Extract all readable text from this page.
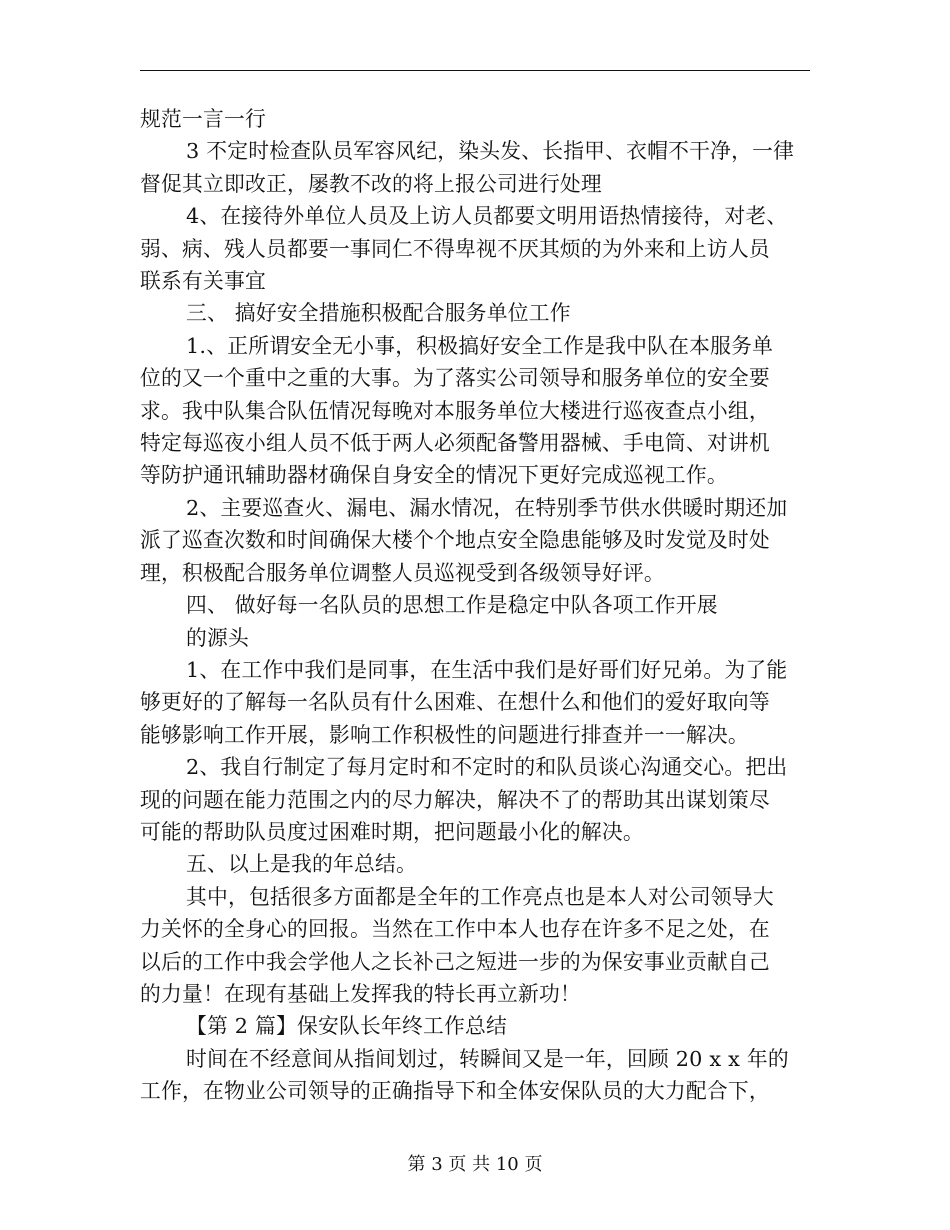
规范一言一行

3 不定时检查队员军容风纪，染头发、长指甲、衣帽不干净，一律

督促其立即改正，屡教不改的将上报公司进行处理

4、在接待外单位人员及上访人员都要文明用语热情接待，对老、

弱、病、残人员都要一事同仁不得卑视不厌其烦的为外来和上访人员

联系有关事宜

三、 搞好安全措施积极配合服务单位工作

1.、正所谓安全无小事，积极搞好安全工作是我中队在本服务单

位的又一个重中之重的大事。为了落实公司领导和服务单位的安全要

求。我中队集合队伍情况每晚对本服务单位大楼进行巡夜查点小组，

特定每巡夜小组人员不低于两人必须配备警用器械、手电筒、对讲机

等防护通讯辅助器材确保自身安全的情况下更好完成巡视工作。

2、主要巡查火、漏电、漏水情况，在特别季节供水供暖时期还加

派了巡查次数和时间确保大楼个个地点安全隐患能够及时发觉及时处

理，积极配合服务单位调整人员巡视受到各级领导好评。

四、 做好每一名队员的思想工作是稳定中队各项工作开展

的源头

1、在工作中我们是同事，在生活中我们是好哥们好兄弟。为了能

够更好的了解每一名队员有什么困难、在想什么和他们的爱好取向等

能够影响工作开展，影响工作积极性的问题进行排查并一一解决。

2、我自行制定了每月定时和不定时的和队员谈心沟通交心。把出

现的问题在能力范围之内的尽力解决，解决不了的帮助其出谋划策尽

可能的帮助队员度过困难时期，把问题最小化的解决。

五、以上是我的年总结。

其中，包括很多方面都是全年的工作亮点也是本人对公司领导大

力关怀的全身心的回报。当然在工作中本人也存在许多不足之处，在

以后的工作中我会学他人之长补己之短进一步的为保安事业贡献自己

的力量！在现有基础上发挥我的特长再立新功！

【第 2 篇】保安队长年终工作总结

时间在不经意间从指间划过，转瞬间又是一年，回顾 20 x x 年的

工作，在物业公司领导的正确指导下和全体安保队员的大力配合下，

第 3 页 共 10 页
